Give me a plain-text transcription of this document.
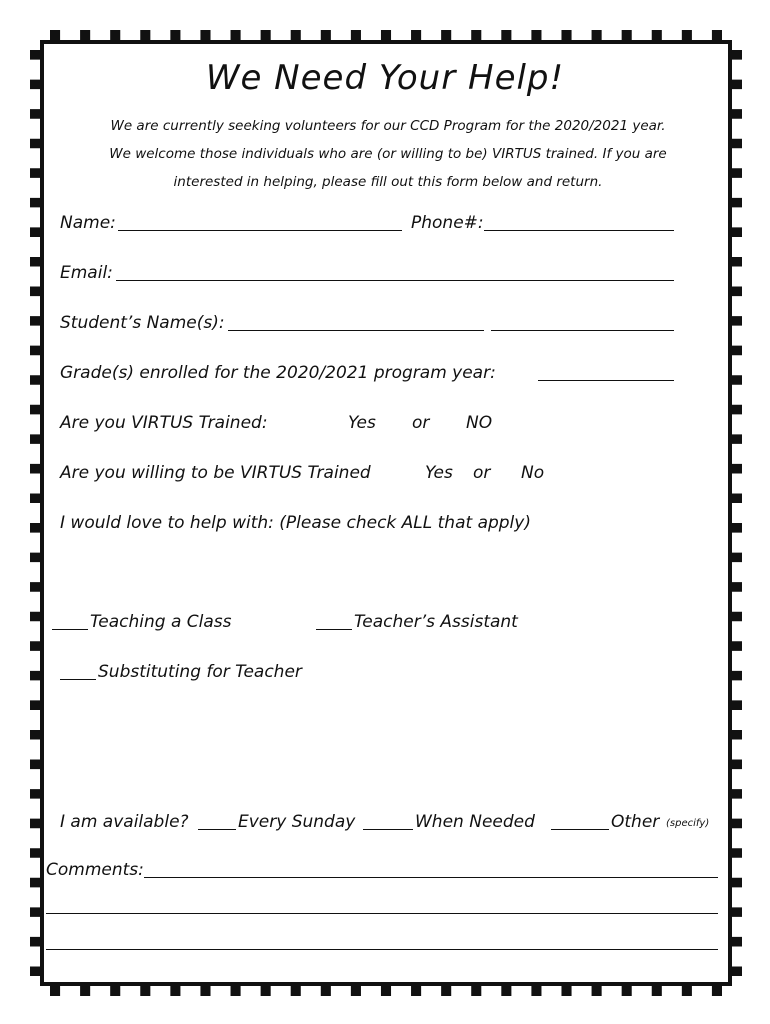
We Need Your Help!
We are currently seeking volunteers for our CCD Program for the 2020/2021 year.
We welcome those individuals who are (or willing to be) VIRTUS trained. If you are
interested in helping, please fill out this form below and return.
Name:	Phone#:
Email:
Student’s Name(s):
Grade(s) enrolled for the 2020/2021 program year:
Are you VIRTUS Trained:	Yes or NO
Are you willing to be VIRTUS Trained	Yes or No
I would love to help with: (Please check ALL that apply)
Teaching a Class	Teacher’s Assistant
Substituting for Teacher
I am available?	Every Sunday	When Needed	Other (specify)
Comments:
